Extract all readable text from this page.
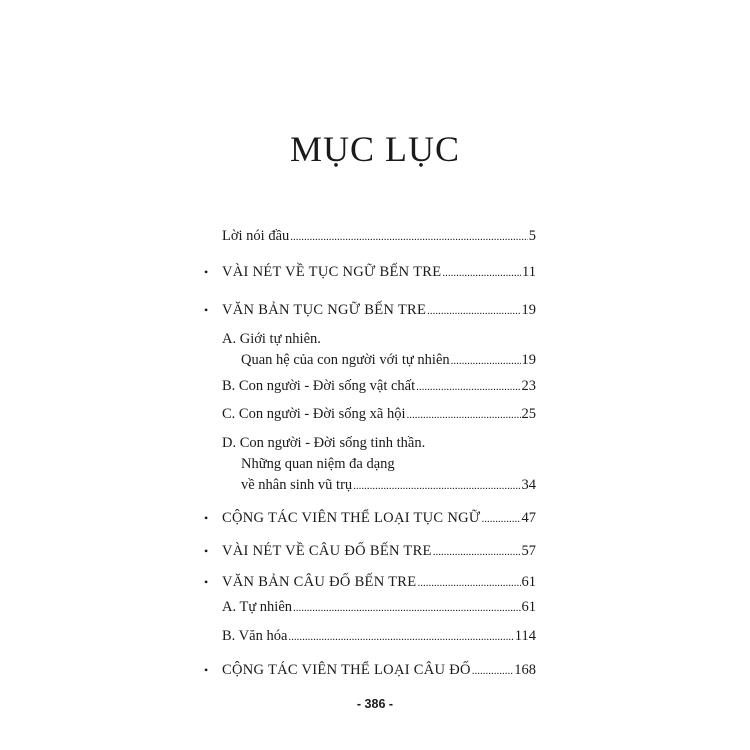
MỤC LỤC
Lời nói đầu .....	5
• VÀI NÉT VỀ TỤC NGỮ BẾN TRE .....	11
• VĂN BẢN TỤC NGỮ BẾN TRE .....	19
A. Giới tự nhiên.
Quan hệ của con người với tự nhiên .....	19
B. Con người - Đời sống vật chất .....	23
C. Con người - Đời sống xã hội .....	25
D. Con người - Đời sống tinh thần.
Những quan niệm đa dạng
về nhân sinh vũ trụ .....	34
• CỘNG TÁC VIÊN THỂ LOẠI TỤC NGỮ .....	47
• VÀI NÉT VỀ CÂU ĐỐ BẾN TRE .....	57
• VĂN BẢN CÂU ĐỐ BẾN TRE .....	61
A. Tự nhiên .....	61
B. Văn hóa .....	114
• CỘNG TÁC VIÊN THỂ LOẠI CÂU ĐỐ .....	168
- 386 -
